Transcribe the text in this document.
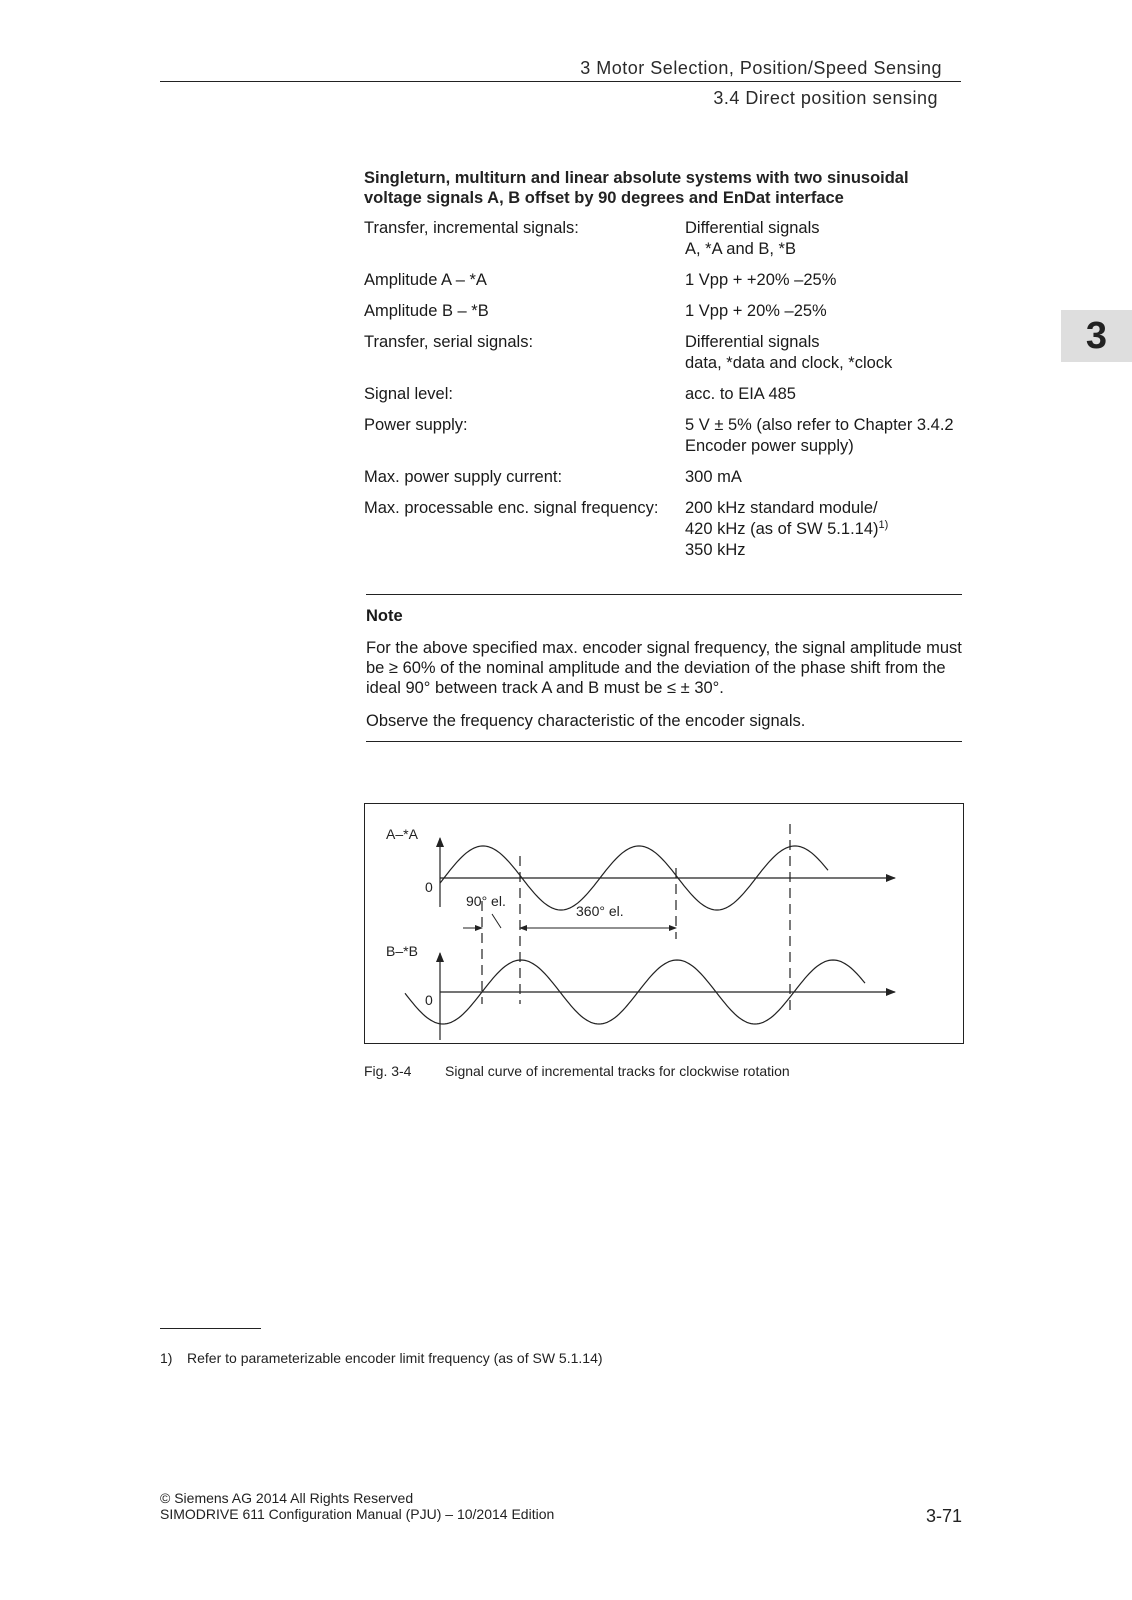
3 Motor Selection, Position/Speed Sensing
3.4 Direct position sensing
3
Singleturn, multiturn and linear absolute systems with two sinusoidal voltage signals A, B offset by 90 degrees and EnDat interface
Transfer, incremental signals:	Differential signals
A, *A and B, *B

Amplitude A – *A	1 Vpp + +20% –25%

Amplitude B – *B	1 Vpp + 20% –25%

Transfer, serial signals:	Differential signals
data, *data and clock, *clock

Signal level:	acc. to EIA 485

Power supply:	5 V ± 5% (also refer to Chapter 3.4.2
Encoder power supply)

Max. power supply current:	300 mA

Max. processable enc. signal frequency:	200 kHz standard module/
420 kHz (as of SW 5.1.14)$^{1)}$
350 kHz
Note
For the above specified max. encoder signal frequency, the signal amplitude must be ≥ 60% of the nominal amplitude and the deviation of the phase shift from the ideal 90° between track A and B must be ≤ ± 30°.
Observe the frequency characteristic of the encoder signals.
A–*A
0
90° el.
360° el.
B–*B
0
Fig. 3-4 Signal curve of incremental tracks for clockwise rotation
1) Refer to parameterizable encoder limit frequency (as of SW 5.1.14)
© Siemens AG 2014 All Rights Reserved
SIMODRIVE 611 Configuration Manual (PJU) – 10/2014 Edition	3-71
